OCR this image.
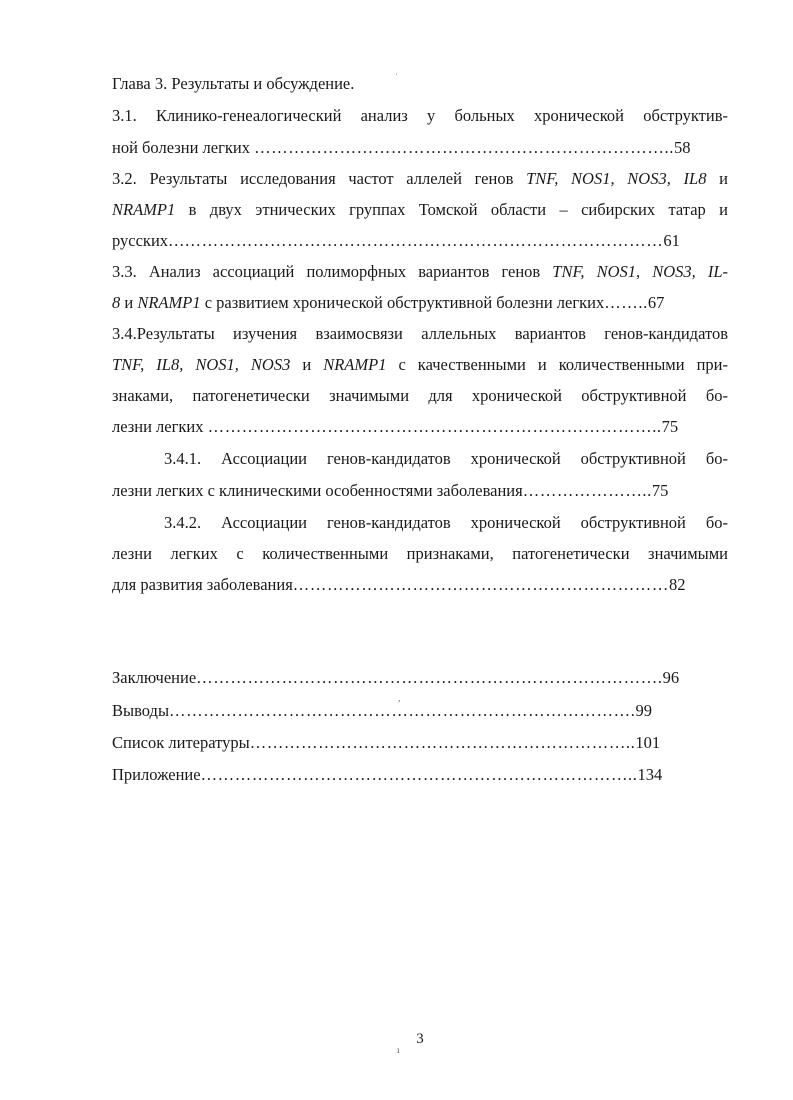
ˌ
Глава 3. Результаты и обсуждение.
3.1. Клинико-генеалогический анализ у больных хронической обструктив-
ной болезни легких ………………………………………………………………..58
3.2. Результаты исследования частот аллелей генов TNF, NOS1, NOS3, IL8 и
NRAMP1 в двух этнических группах Томской области – сибирских татар и
русских……………………………………………………………………………61
3.3. Анализ ассоциаций полиморфных вариантов генов TNF, NOS1, NOS3, IL-
8 и NRAMP1 с развитием хронической обструктивной болезни легких……..67
3.4.Результаты изучения взаимосвязи аллельных вариантов генов-кандидатов
TNF, IL8, NOS1, NOS3 и NRAMP1 с качественными и количественными при-
знаками, патогенетически значимыми для хронической обструктивной бо-
лезни легких ……………………………………………………………………..75
3.4.1. Ассоциации генов-кандидатов хронической обструктивной бо-
лезни легких с клиническими особенностями заболевания…………………..75
3.4.2. Ассоциации генов-кандидатов хронической обструктивной бо-
лезни легких с количественными признаками, патогенетически значимыми
для развития заболевания…………………………………………………………82
Заключение……………………………………………………………………….96
,
Выводы……………………………………………………………………….99
Список литературы…………………………………………………………..101
Приложение…………………………………………………………………..134
3
ı
